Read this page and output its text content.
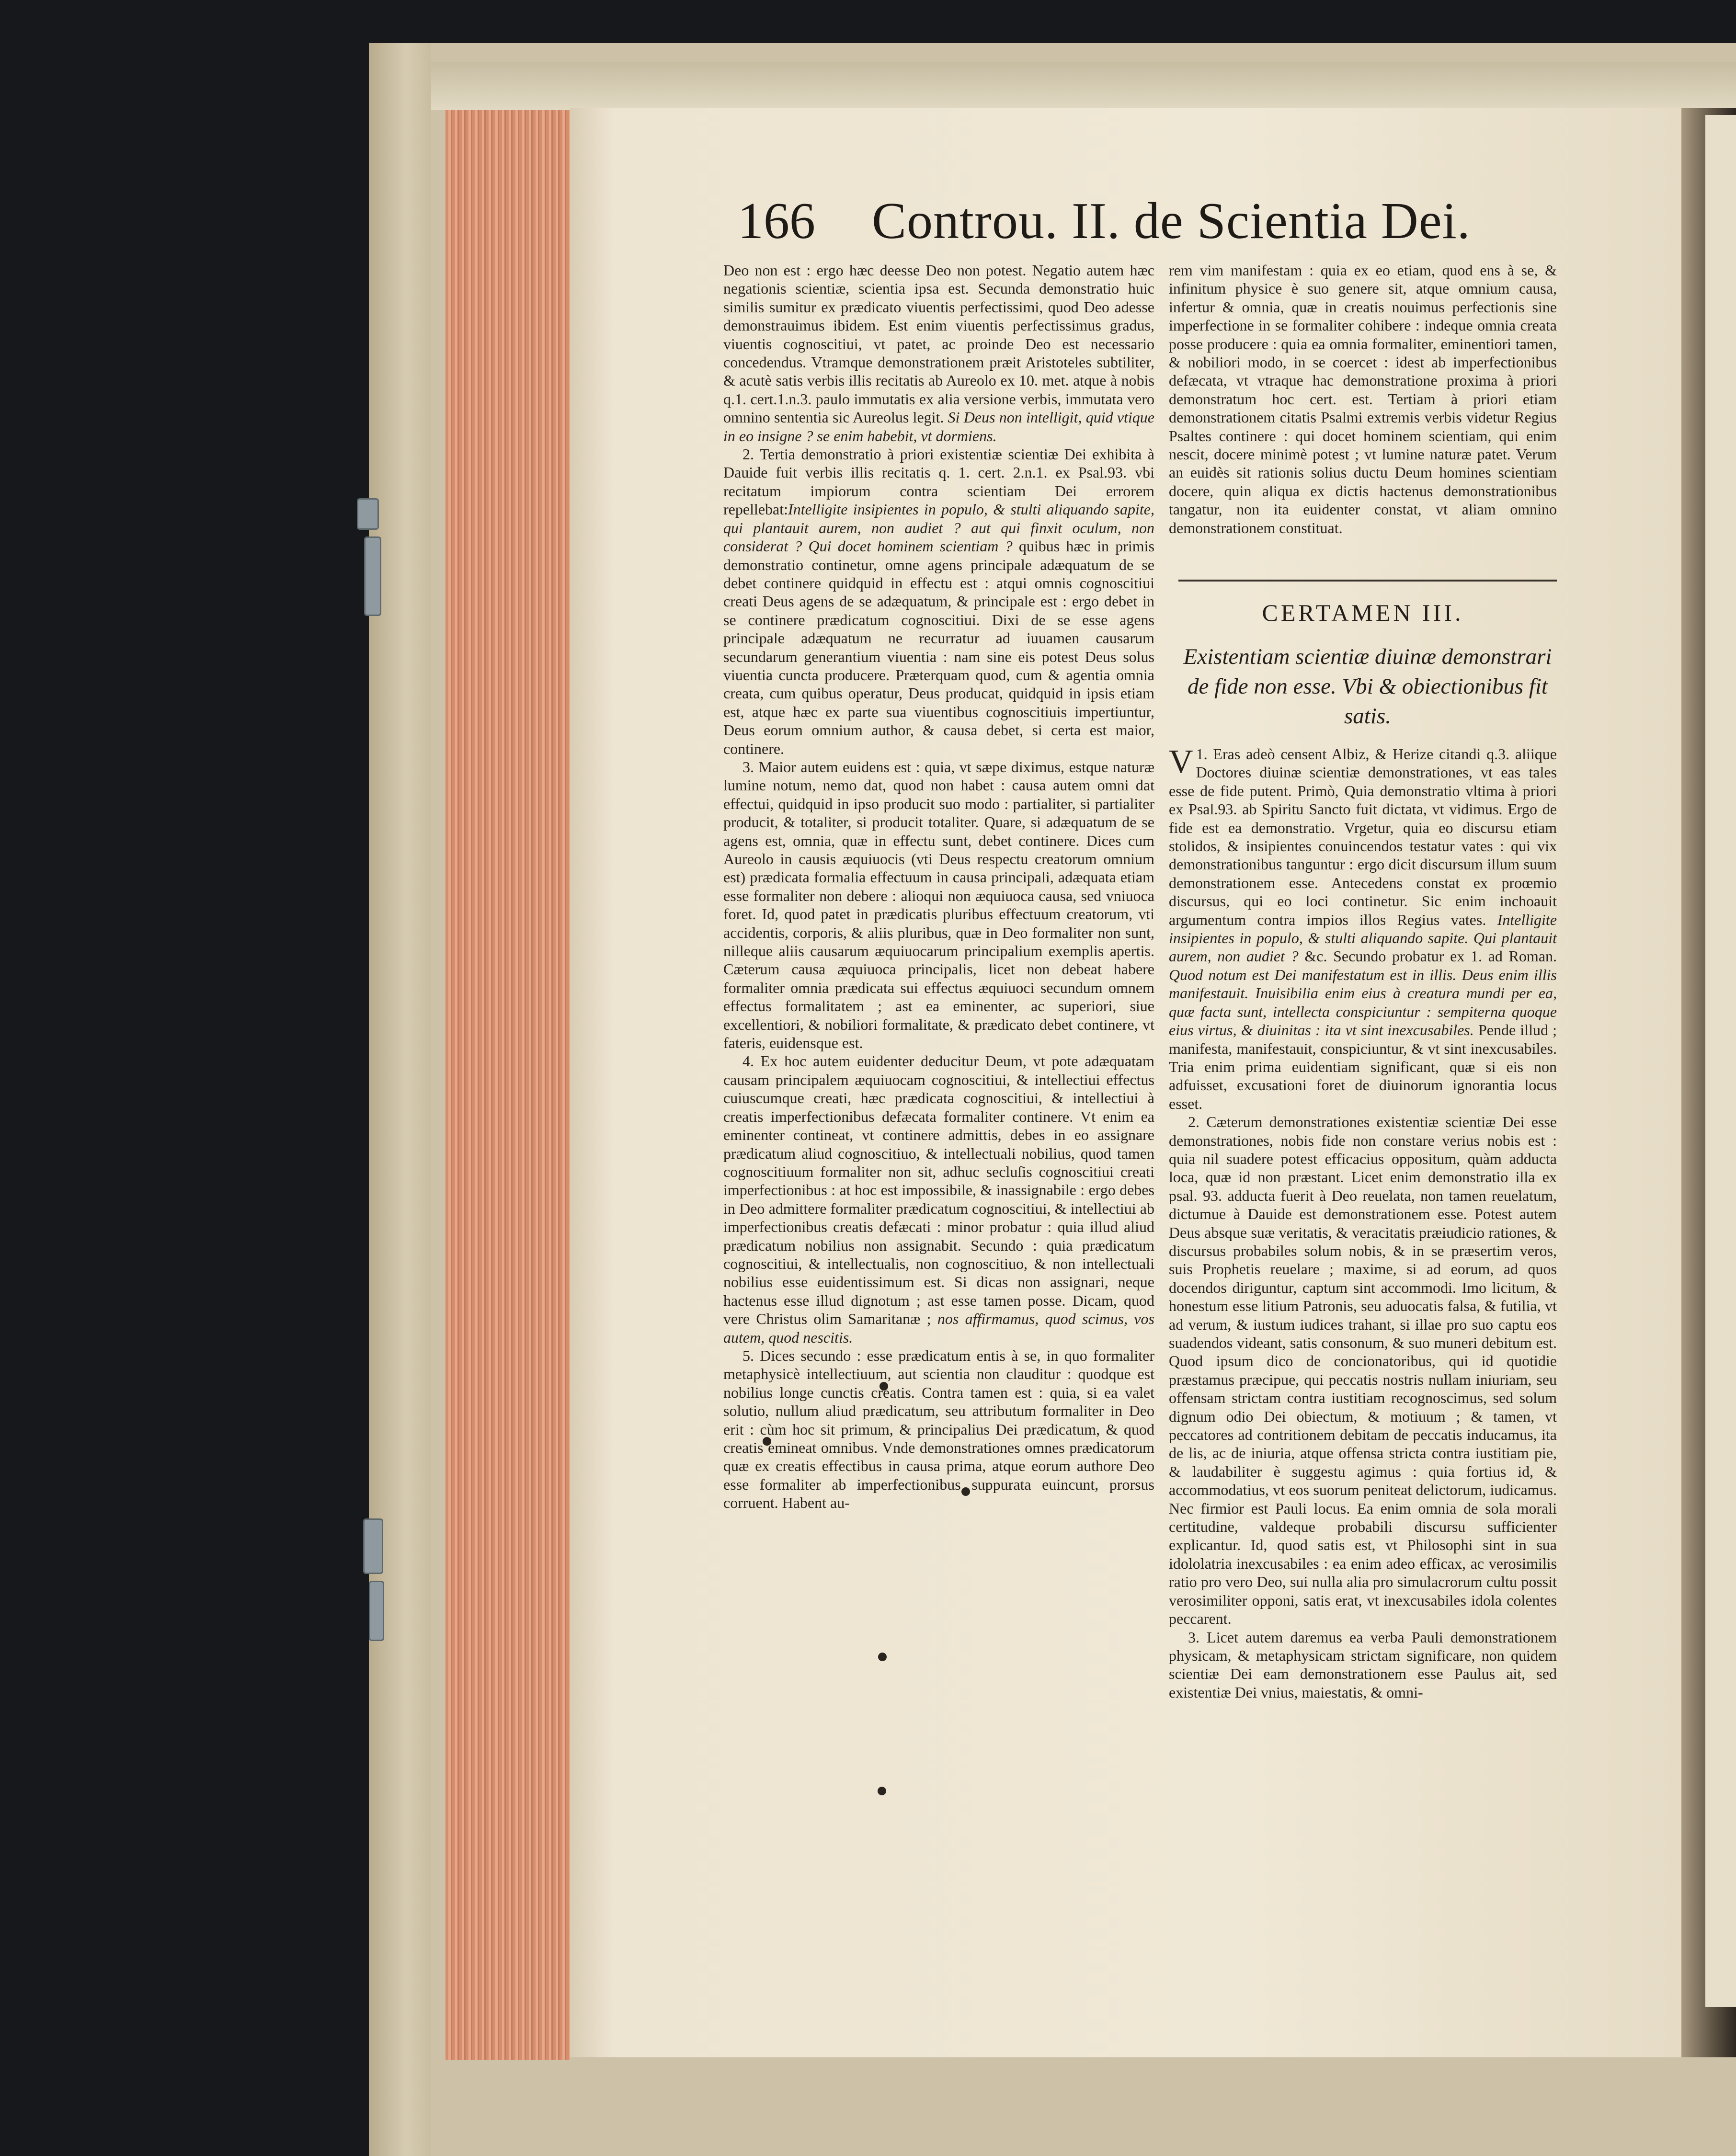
166 Controu. II. de Scientia Dei.

Deo non est : ergo hæc deesse Deo non potest. Negatio autem hæc negationis scientiæ, scientia ipsa est. Secunda demonstratio huic similis sumitur ex prædicato viuentis perfectissimi, quod Deo adesse demonstrauimus ibidem. Est enim viuentis perfectissimus gradus, viuentis cognoscitiui, vt patet, ac proinde Deo est necessario concedendus. Vtramque demonstrationem præit Aristoteles subtiliter, & acutè satis verbis illis recitatis ab Aureolo ex 10. met. atque à nobis q.1. cert.1.n.3. paulo immutatis ex alia versione verbis, immutata vero omnino sententia sic Aureolus legit. Si Deus non intelligit, quid vtique in eo insigne ? se enim habebit, vt dormiens.

2. Tertia demonstratio à priori existentiæ scientiæ Dei exhibita à Dauide fuit verbis illis recitatis q. 1. cert. 2.n.1. ex Psal.93. vbi recitatum impiorum contra scientiam Dei errorem repellebat:Intelligite insipientes in populo, & stulti aliquando sapite, qui plantauit aurem, non audiet ? aut qui finxit oculum, non considerat ? Qui docet hominem scientiam ? quibus hæc in primis demonstratio continetur, omne agens principale adæquatum de se debet continere quidquid in effectu est : atqui omnis cognoscitiui creati Deus agens de se adæquatum, & principale est : ergo debet in se continere prædicatum cognoscitiui. Dixi de se esse agens principale adæquatum ne recurratur ad iuuamen causarum secundarum generantium viuentia : nam sine eis potest Deus solus viuentia cuncta producere. Præterquam quod, cum & agentia omnia creata, cum quibus operatur, Deus producat, quidquid in ipsis etiam est, atque hæc ex parte sua viuentibus cognoscitiuis impertiuntur, Deus eorum omnium author, & causa debet, si certa est maior, continere.

3. Maior autem euidens est : quia, vt sæpe diximus, estque naturæ lumine notum, nemo dat, quod non habet : causa autem omni dat effectui, quidquid in ipso producit suo modo : partialiter, si partialiter producit, & totaliter, si producit totaliter. Quare, si adæquatum de se agens est, omnia, quæ in effectu sunt, debet continere. Dices cum Aureolo in causis æquiuocis (vti Deus respectu creatorum omnium est) prædicata formalia effectuum in causa principali, adæquata etiam esse formaliter non debere : alioqui non æquiuoca causa, sed vniuoca foret. Id, quod patet in prædicatis pluribus effectuum creatorum, vti accidentis, corporis, & aliis pluribus, quæ in Deo formaliter non sunt, nilleque aliis causarum æquiuocarum principalium exemplis apertis. Cæterum causa æquiuoca principalis, licet non debeat habere formaliter omnia prædicata sui effectus æquiuoci secundum omnem effectus formalitatem ; ast ea eminenter, ac superiori, siue excellentiori, & nobiliori formalitate, & prædicato debet continere, vt fateris, euidensque est.

4. Ex hoc autem euidenter deducitur Deum, vt pote adæquatam causam principalem æquiuocam cognoscitiui, & intellectiui effectus cuiuscumque creati, hæc prædicata cognoscitiui, & intellectiui à creatis imperfectionibus defæcata formaliter continere. Vt enim ea eminenter contineat, vt continere admittis, debes in eo assignare prædicatum aliud cognoscitiuo, & intellectuali nobilius, quod tamen cognoscitiuum formaliter non sit, adhuc secluſis cognoscitiui creati imperfectionibus : at hoc est impossibile, & inassignabile : ergo debes in Deo admittere formaliter prædicatum cognoscitiui, & intellectiui ab imperfectionibus creatis defæcati : minor probatur : quia illud aliud prædicatum nobilius non assignabit. Secundo : quia prædicatum cognoscitiui, & intellectualis, non cognoscitiuo, & non intellectuali nobilius esse euidentissimum est. Si dicas non assignari, neque hactenus esse illud dignotum ; ast esse tamen posse. Dicam, quod vere Christus olim Samaritanæ ; nos affirmamus, quod scimus, vos autem, quod nescitis.

5. Dices secundo : esse prædicatum entis à se, in quo formaliter metaphysicè intellectiuum, aut scientia non clauditur : quodque est nobilius longe cunctis creatis. Contra tamen est : quia, si ea valet solutio, nullum aliud prædicatum, seu attributum formaliter in Deo erit : cùm hoc sit primum, & principalius Dei prædicatum, & quod creatis emineat omnibus. Vnde demonstrationes omnes prædicatorum quæ ex creatis effectibus in causa prima, atque eorum authore Deo esse formaliter ab imperfectionibus suppurata euincunt, prorsus corruent. Habent au-

rem vim manifestam : quia ex eo etiam, quod ens à se, & infinitum physice è suo genere sit, atque omnium causa, infertur & omnia, quæ in creatis nouimus perfectionis sine imperfectione in se formaliter cohibere : indeque omnia creata posse producere : quia ea omnia formaliter, eminentiori tamen, & nobiliori modo, in se coercet : idest ab imperfectionibus defæcata, vt vtraque hac demonstratione proxima à priori demonstratum hoc cert. est. Tertiam à priori etiam demonstrationem citatis Psalmi extremis verbis videtur Regius Psaltes continere : qui docet hominem scientiam, qui enim nescit, docere minimè potest ; vt lumine naturæ patet. Verum an euidès sit rationis solius ductu Deum homines scientiam docere, quin aliqua ex dictis hactenus demonstrationibus tangatur, non ita euidenter constat, vt aliam omnino demonstrationem constituat.

CERTAMEN III.
Existentiam scientiæ diuinæ demonstrari de fide non esse. Vbi & obiectionibus fit satis.

1.
V Eras adeò censent Albiz, & Herize citandi q.3. aliique Doctores diuinæ scientiæ demonstrationes, vt eas tales esse de fide putent. Primò, Quia demonstratio vltima à priori ex Psal.93. ab Spiritu Sancto fuit dictata, vt vidimus. Ergo de fide est ea demonstratio. Vrgetur, quia eo discursu etiam stolidos, & insipientes conuincendos testatur vates : qui vix demonstrationibus tanguntur : ergo dicit discursum illum suum demonstrationem esse. Antecedens constat ex proœmio discursus, qui eo loci continetur. Sic enim inchoauit argumentum contra impios illos Regius vates. Intelligite insipientes in populo, & stulti aliquando sapite. Qui plantauit aurem, non audiet ? &c. Secundo probatur ex 1. ad Roman. Quod notum est Dei manifestatum est in illis. Deus enim illis manifestauit. Inuisibilia enim eius à creatura mundi per ea, quæ facta sunt, intellecta conspiciuntur : sempiterna quoque eius virtus, & diuinitas : ita vt sint inexcusabiles. Pende illud ; manifesta, manifestauit, conspiciuntur, & vt sint inexcusabiles. Tria enim prima euidentiam significant, quæ si eis non adfuisset, excusationi foret de diuinorum ignorantia locus esset.

2. Cæterum demonstrationes existentiæ scientiæ Dei esse demonstrationes, nobis fide non constare verius nobis est : quia nil suadere potest efficacius oppositum, quàm adducta loca, quæ id non præstant. Licet enim demonstratio illa ex psal. 93. adducta fuerit à Deo reuelata, non tamen reuelatum, dictumue à Dauide est demonstrationem esse. Potest autem Deus absque suæ veritatis, & veracitatis præiudicio rationes, & discursus probabiles solum nobis, & in se præsertim veros, suis Prophetis reuelare ; maxime, si ad eorum, ad quos docendos diriguntur, captum sint accommodi. Imo licitum, & honestum esse litium Patronis, seu aduocatis falsa, & futilia, vt ad verum, & iustum iudices trahant, si illae pro suo captu eos suadendos videant, satis consonum, & suo muneri debitum est. Quod ipsum dico de concionatoribus, qui id quotidie præstamus præcipue, qui peccatis nostris nullam iniuriam, seu offensam strictam contra iustitiam recognoscimus, sed solum dignum odio Dei obiectum, & motiuum ; & tamen, vt peccatores ad contritionem debitam de peccatis inducamus, ita de lis, ac de iniuria, atque offensa stricta contra iustitiam pie, & laudabiliter è suggestu agimus : quia fortius id, & accommodatius, vt eos suorum peniteat delictorum, iudicamus. Nec firmior est Pauli locus. Ea enim omnia de sola morali certitudine, valdeque probabili discursu sufficienter explicantur. Id, quod satis est, vt Philosophi sint in sua idololatria inexcusabiles : ea enim adeo efficax, ac verosimilis ratio pro vero Deo, sui nulla alia pro simulacrorum cultu possit verosimiliter opponi, satis erat, vt inexcusabiles idola colentes peccarent.

3. Licet autem daremus ea verba Pauli demonstrationem physicam, & metaphysicam strictam significare, non quidem scientiæ Dei eam demonstrationem esse Paulus ait, sed existentiæ Dei vnius, maiestatis, & omni-
